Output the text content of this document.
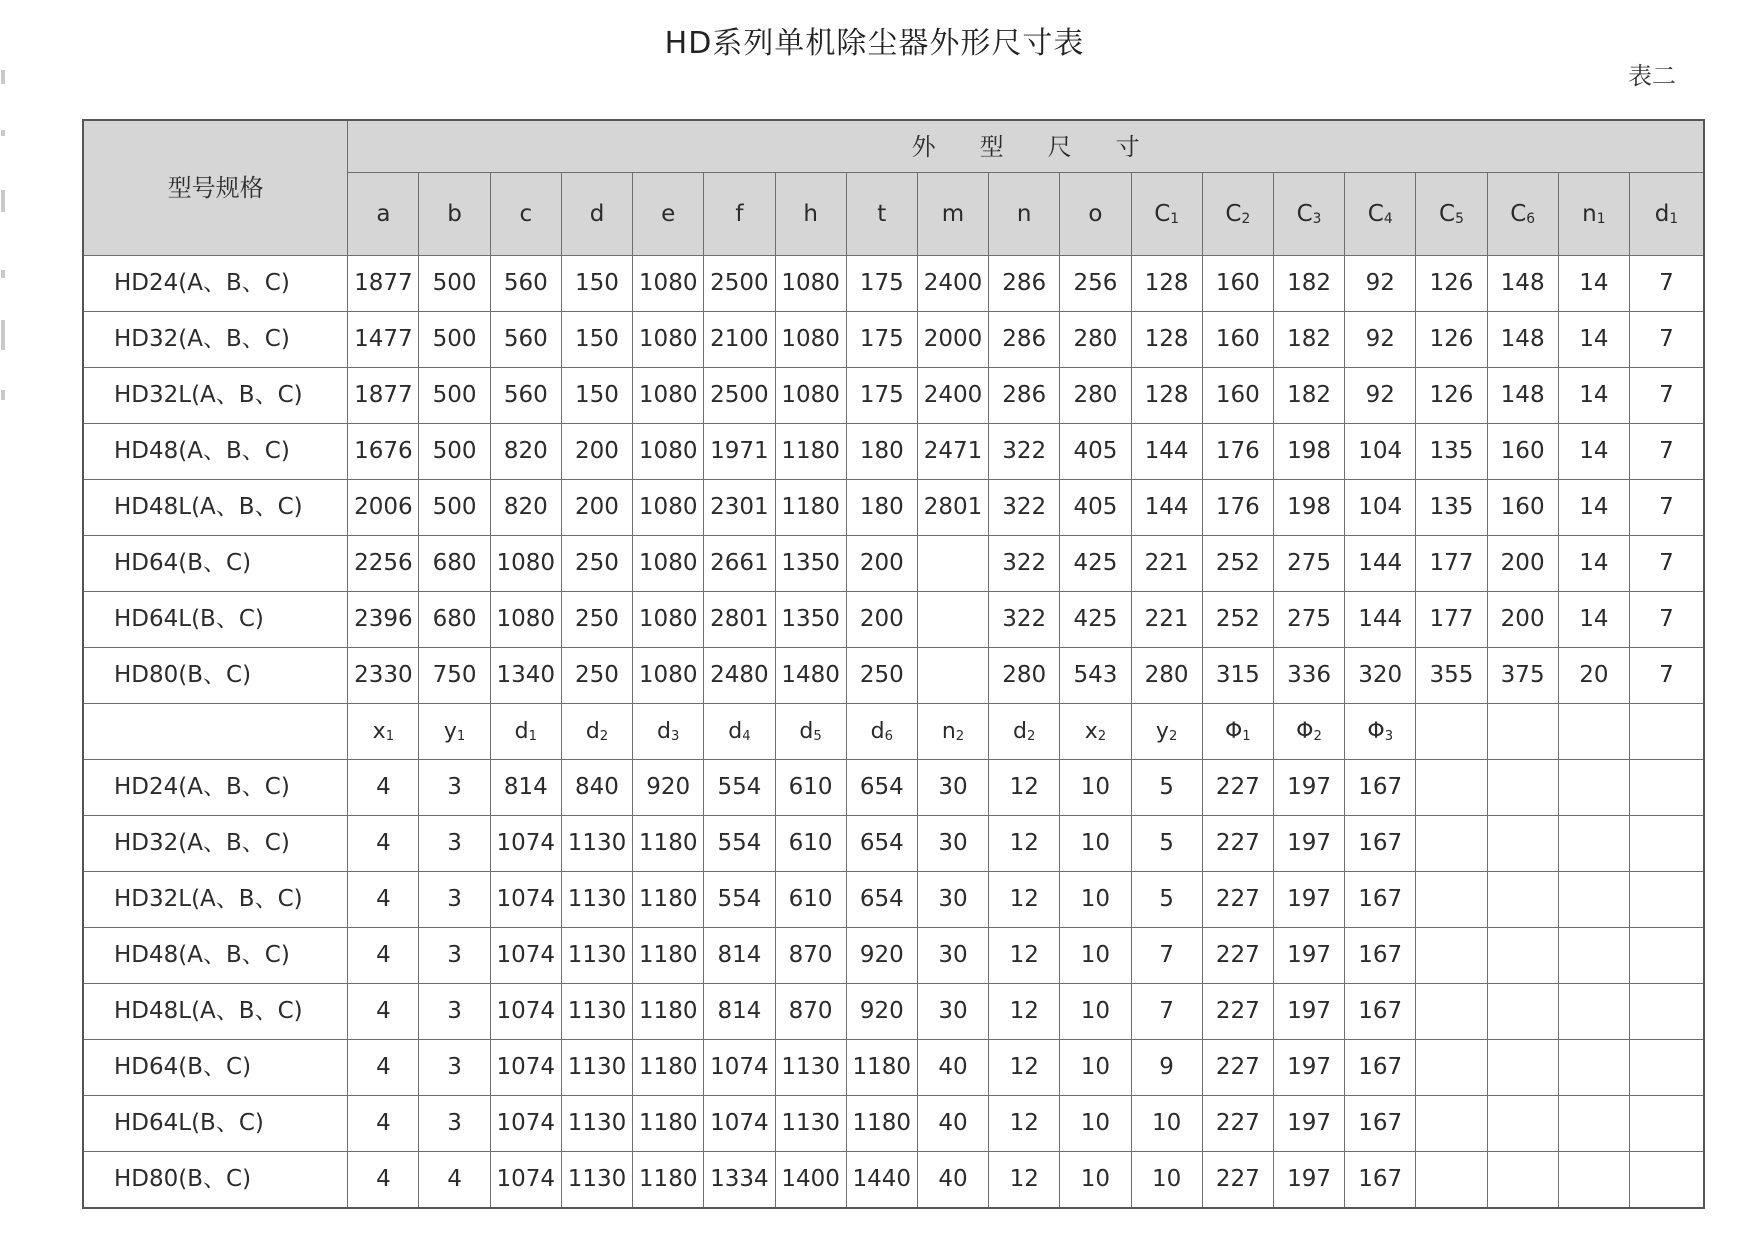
HD系列单机除尘器外形尺寸表
表二
型号规格	外型尺寸																		
	a	b	c	d	e	f	h	t	m	n	o	$C_1$	$C_2$	$C_3$	$C_4$	$C_5$	$C_6$	$n_1$	$d_1$
HD24(A、B、C)	1877	500	560	150	1080	2500	1080	175	2400	286	256	128	160	182	92	126	148	14	7
HD32(A、B、C)	1477	500	560	150	1080	2100	1080	175	2000	286	280	128	160	182	92	126	148	14	7
HD32L(A、B、C)	1877	500	560	150	1080	2500	1080	175	2400	286	280	128	160	182	92	126	148	14	7
HD48(A、B、C)	1676	500	820	200	1080	1971	1180	180	2471	322	405	144	176	198	104	135	160	14	7
HD48L(A、B、C)	2006	500	820	200	1080	2301	1180	180	2801	322	405	144	176	198	104	135	160	14	7
HD64(B、C)	2256	680	1080	250	1080	2661	1350	200		322	425	221	252	275	144	177	200	14	7
HD64L(B、C)	2396	680	1080	250	1080	2801	1350	200		322	425	221	252	275	144	177	200	14	7
HD80(B、C)	2330	750	1340	250	1080	2480	1480	250		280	543	280	315	336	320	355	375	20	7
	$x_1$	$y_1$	$d_1$	$d_2$	$d_3$	$d_4$	$d_5$	$d_6$	$n_2$	$d_2$	$x_2$	$y_2$	$\Phi_1$	$\Phi_2$	$\Phi_3$				
HD24(A、B、C)	4	3	814	840	920	554	610	654	30	12	10	5	227	197	167				
HD32(A、B、C)	4	3	1074	1130	1180	554	610	654	30	12	10	5	227	197	167				
HD32L(A、B、C)	4	3	1074	1130	1180	554	610	654	30	12	10	5	227	197	167				
HD48(A、B、C)	4	3	1074	1130	1180	814	870	920	30	12	10	7	227	197	167				
HD48L(A、B、C)	4	3	1074	1130	1180	814	870	920	30	12	10	7	227	197	167				
HD64(B、C)	4	3	1074	1130	1180	1074	1130	1180	40	12	10	9	227	197	167				
HD64L(B、C)	4	3	1074	1130	1180	1074	1130	1180	40	12	10	10	227	197	167				
HD80(B、C)	4	4	1074	1130	1180	1334	1400	1440	40	12	10	10	227	197	167				
